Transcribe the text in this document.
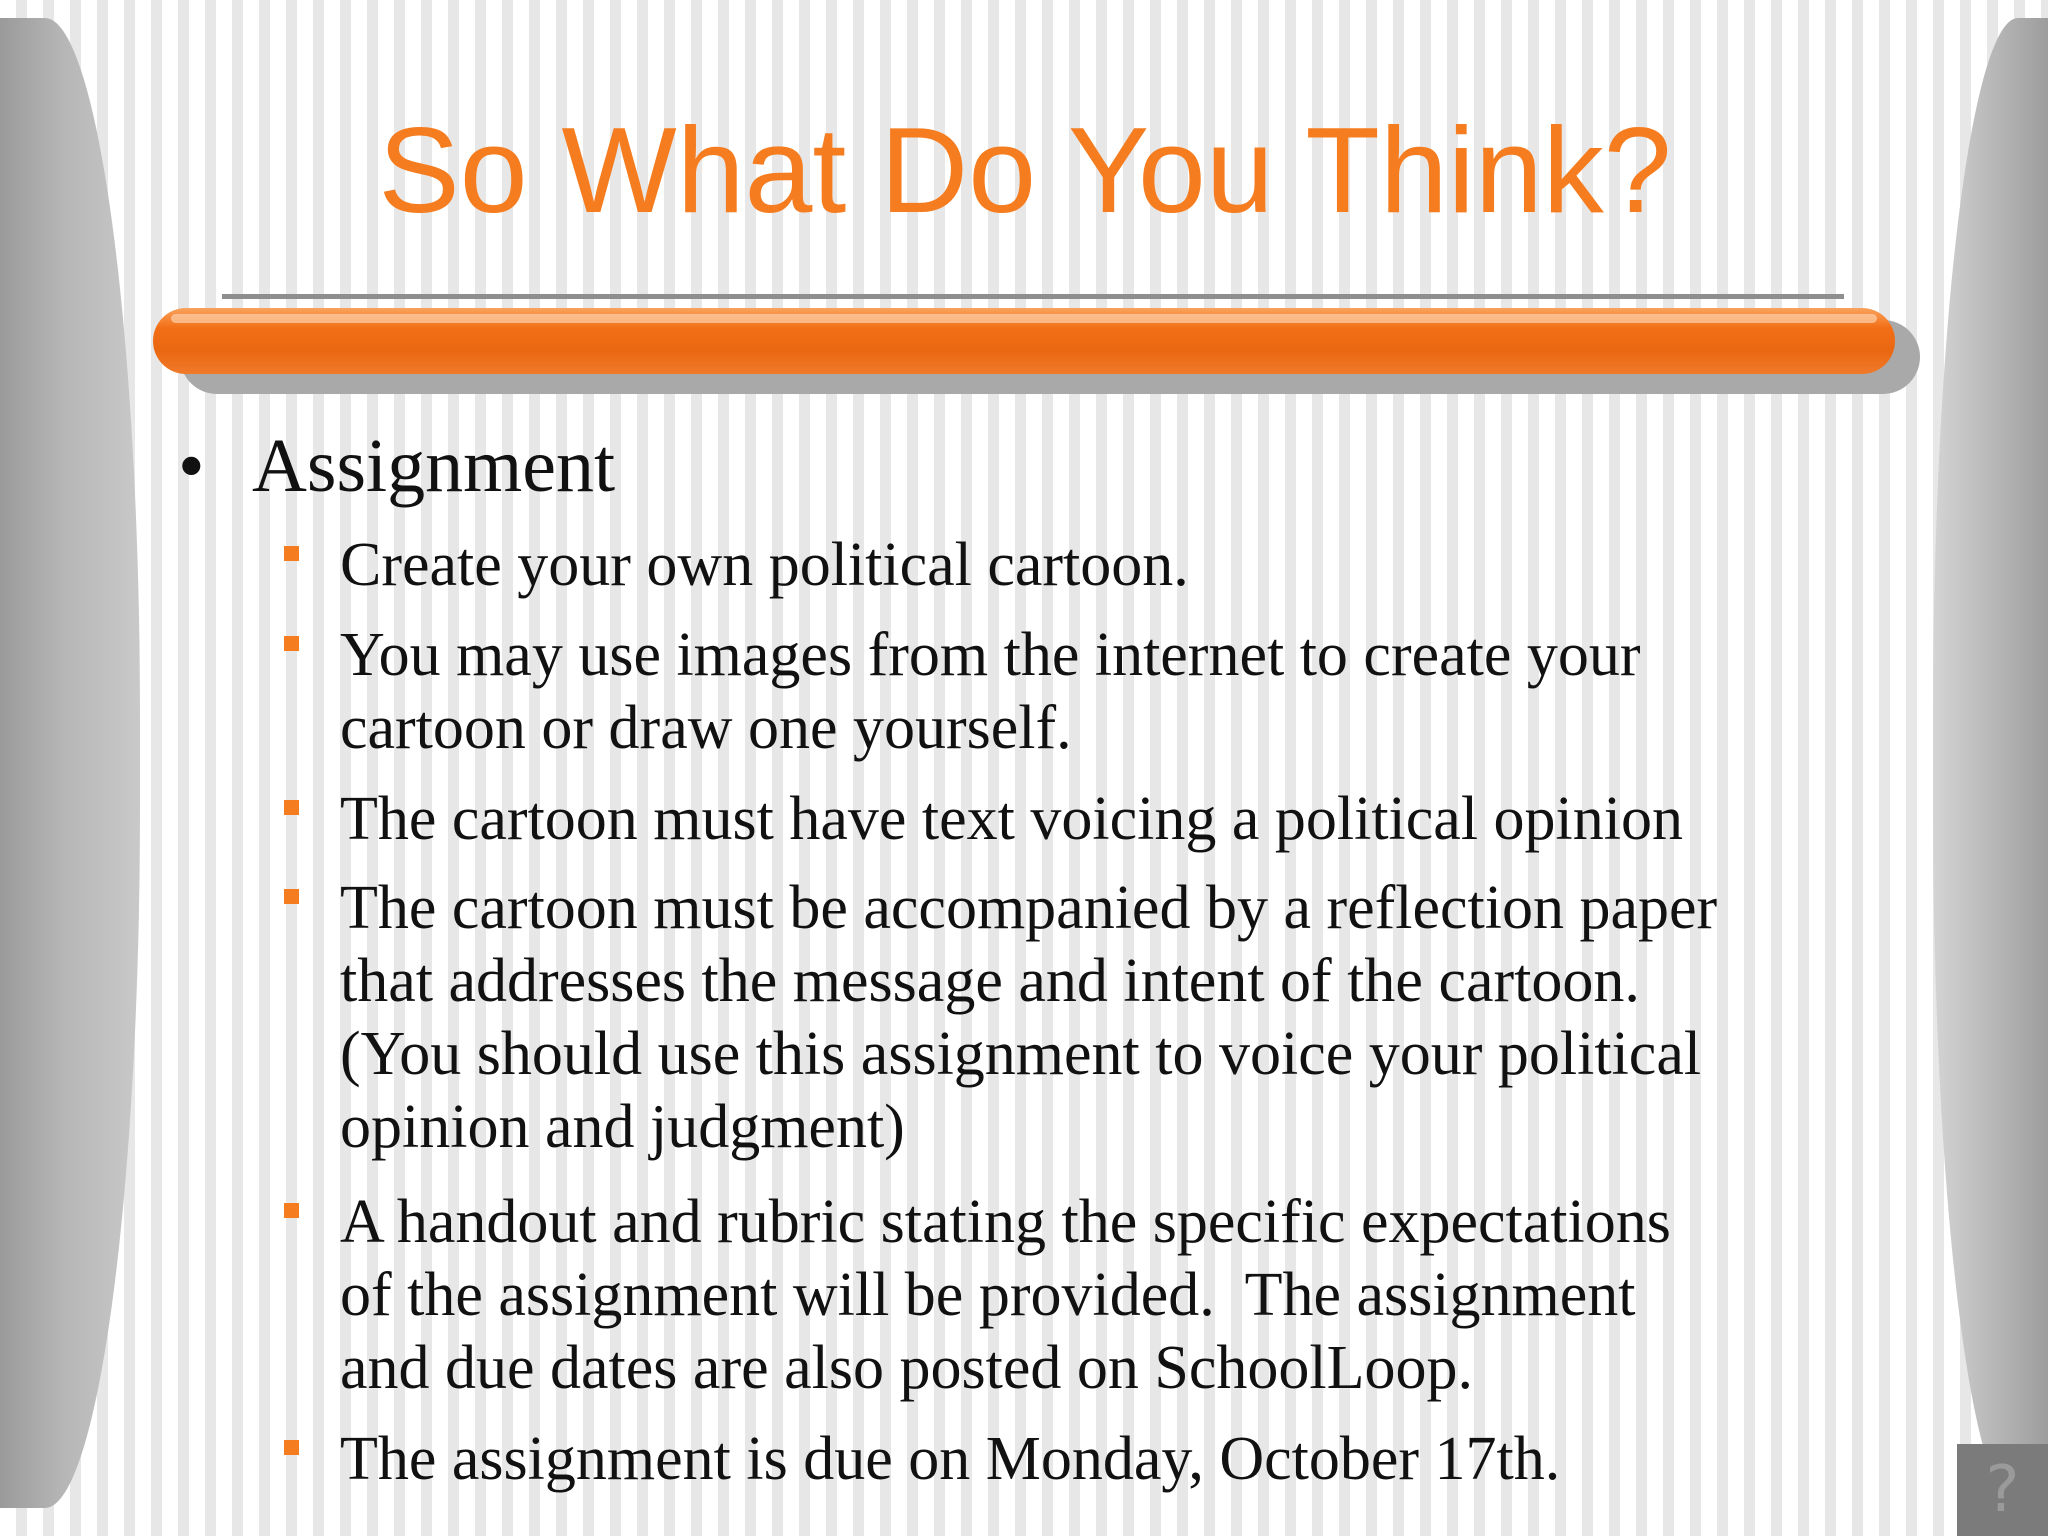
So What Do You Think?
• Assignment
Create your own political cartoon.
You may use images from the internet to create your
cartoon or draw one yourself.
The cartoon must have text voicing a political opinion
The cartoon must be accompanied by a reflection paper
that addresses the message and intent of the cartoon.
(You should use this assignment to voice your political
opinion and judgment)
A handout and rubric stating the specific expectations
of the assignment will be provided.  The assignment
and due dates are also posted on SchoolLoop.
The assignment is due on Monday, October 17th.	?
